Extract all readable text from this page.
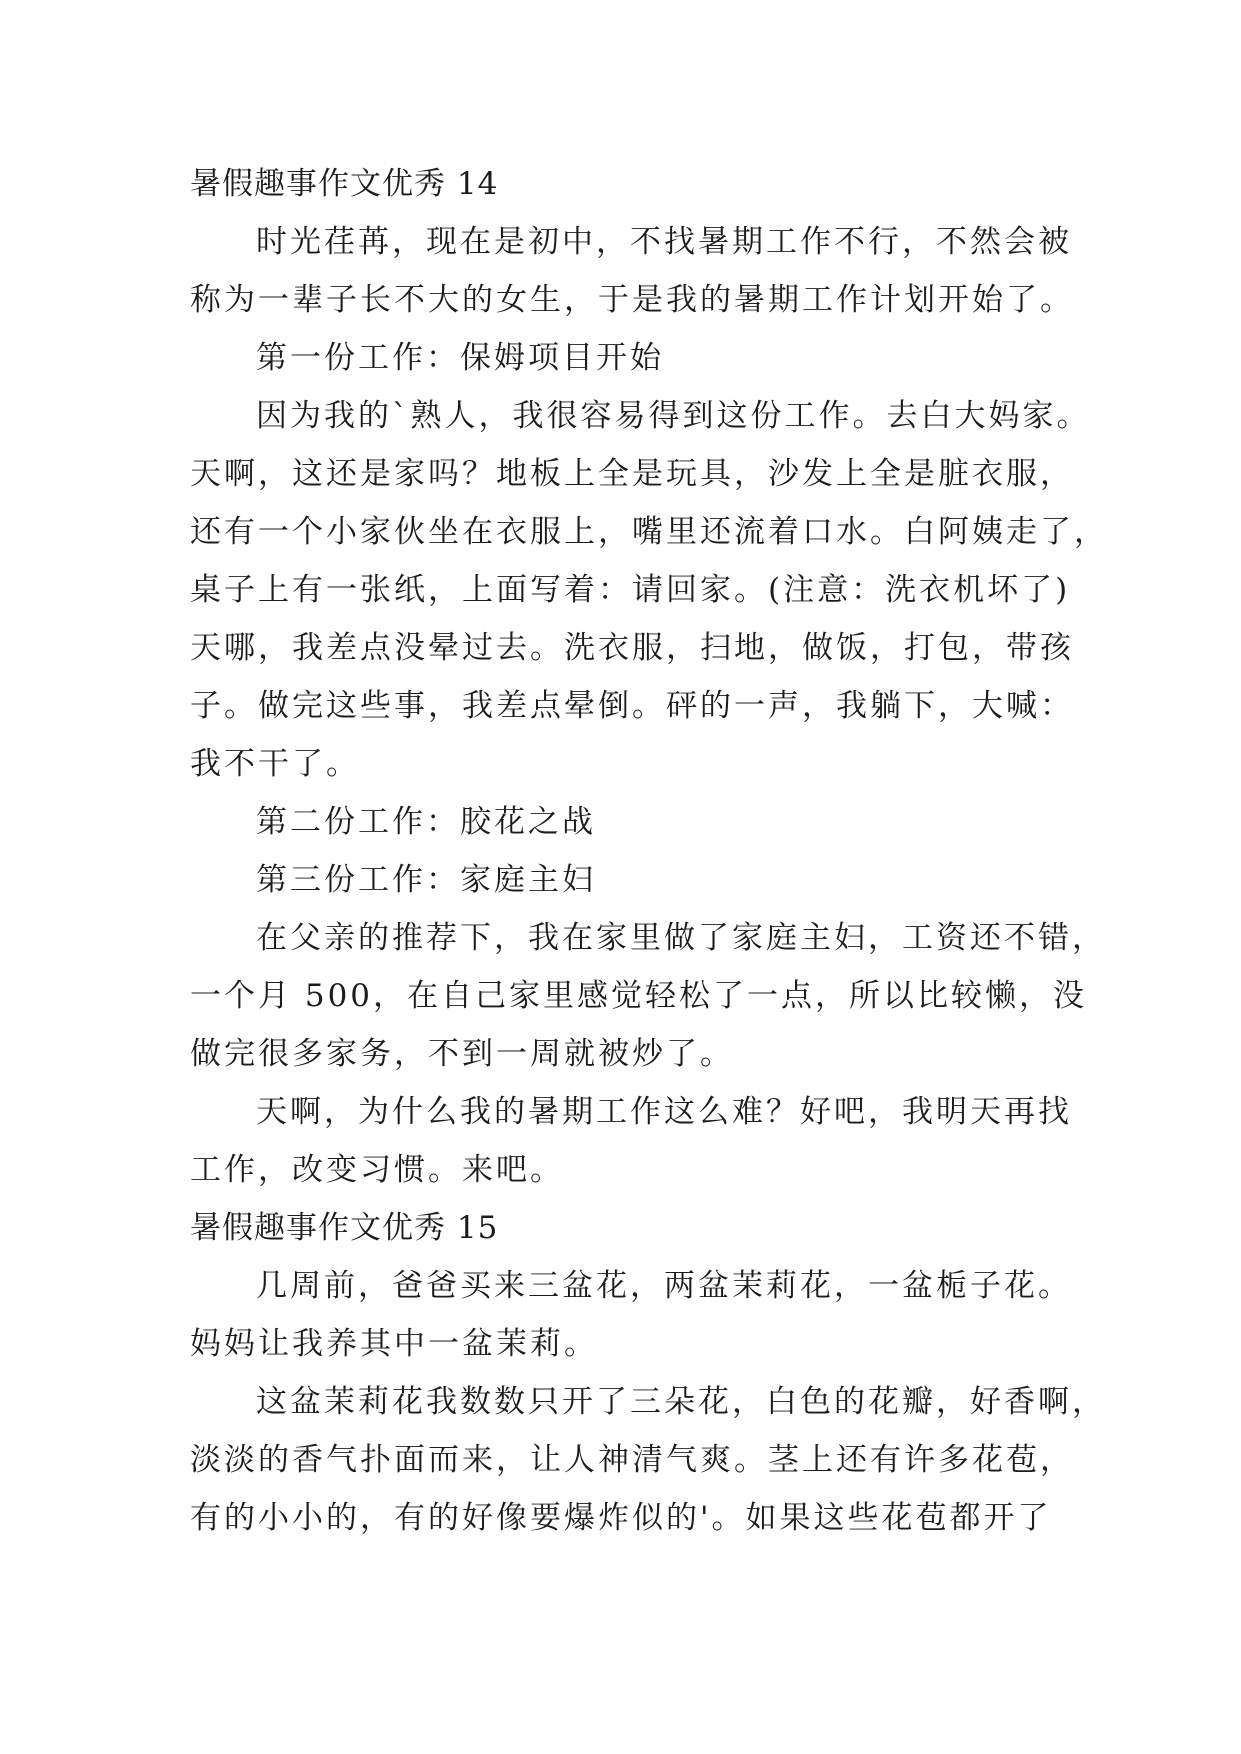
暑假趣事作文优秀 14
时光荏苒，现在是初中，不找暑期工作不行，不然会被
称为一辈子长不大的女生，于是我的暑期工作计划开始了。
第一份工作：保姆项目开始
因为我的`熟人，我很容易得到这份工作。去白大妈家。
天啊，这还是家吗？地板上全是玩具，沙发上全是脏衣服，
还有一个小家伙坐在衣服上，嘴里还流着口水。白阿姨走了，
桌子上有一张纸，上面写着：请回家。(注意：洗衣机坏了)
天哪，我差点没晕过去。洗衣服，扫地，做饭，打包，带孩
子。做完这些事，我差点晕倒。砰的一声，我躺下，大喊：
我不干了。
第二份工作：胶花之战
第三份工作：家庭主妇
在父亲的推荐下，我在家里做了家庭主妇，工资还不错，
一个月 500，在自己家里感觉轻松了一点，所以比较懒，没
做完很多家务，不到一周就被炒了。
天啊，为什么我的暑期工作这么难？好吧，我明天再找
工作，改变习惯。来吧。
暑假趣事作文优秀 15
几周前，爸爸买来三盆花，两盆茉莉花，一盆栀子花。
妈妈让我养其中一盆茉莉。
这盆茉莉花我数数只开了三朵花，白色的花瓣，好香啊，
淡淡的香气扑面而来，让人神清气爽。茎上还有许多花苞，
有的小小的，有的好像要爆炸似的'。如果这些花苞都开了
